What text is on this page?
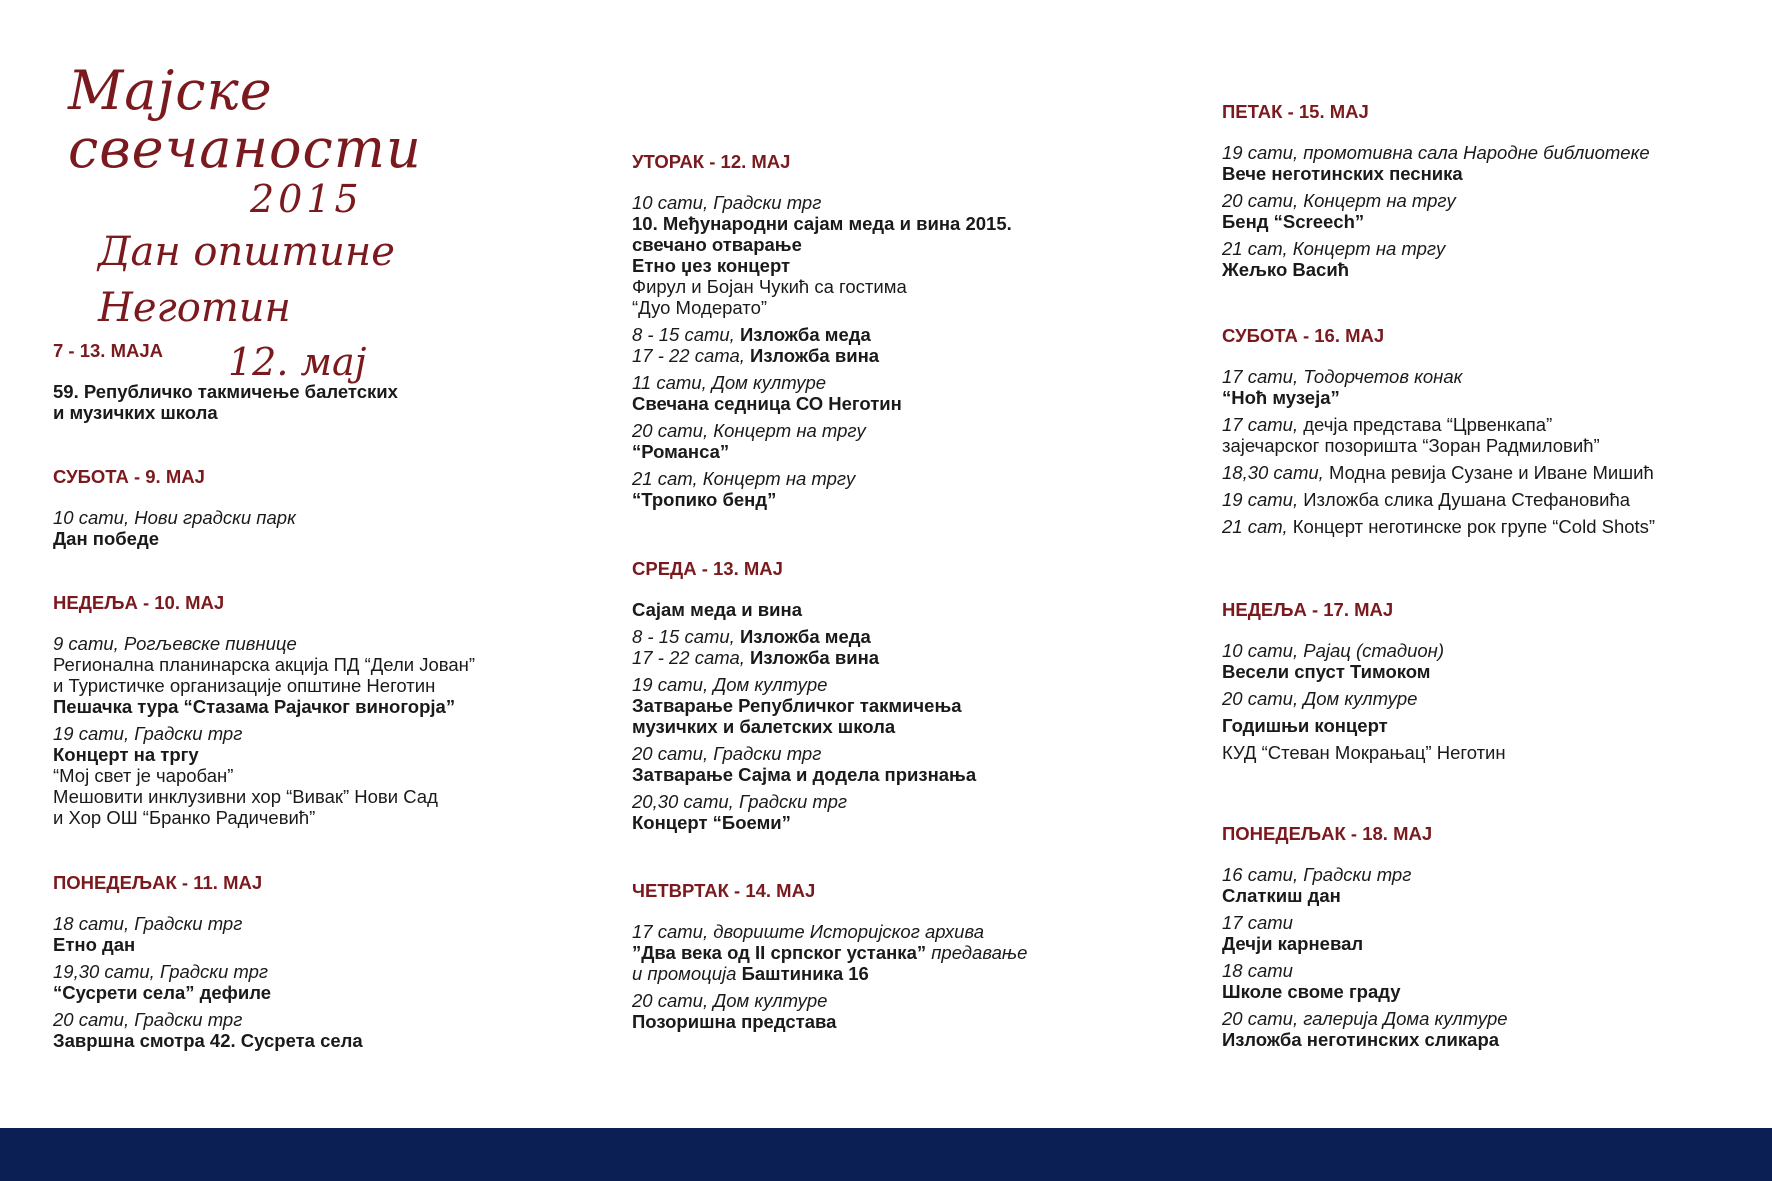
Мајске свечаности
2015
Дан општине Неготин
12. мај
7 - 13. МАЈА
59. Републичко такмичење балетских
и музичких школа
СУБОТА - 9. МАЈ
10 сати, Нови градски парк
Дан победе
НЕДЕЉА - 10. МАЈ
9 сати, Рогљевске пивнице
Регионална планинарска акција ПД “Дели Јован”
и Туристичке организације општине Неготин
Пешачка тура “Стазама Рајачког виногорја”
19 сати, Градски трг
Концерт на тргу
“Мој свет је чаробан”
Мешовити инклузивни хор “Вивак” Нови Сад
и Хор ОШ “Бранко Радичевић”
ПОНЕДЕЉАК - 11. МАЈ
18 сати, Градски трг
Етно дан
19,30 сати, Градски трг
“Сусрети села” дефиле
20 сати, Градски трг
Завршна смотра 42. Сусрета села
УТОРАК - 12. МАЈ
10 сати, Градски трг
10. Међународни сајам меда и вина 2015.
свечано отварање
Етно џез концерт
Фирул и Бојан Чукић са гостима
“Дуо Модерато”
8 - 15 сати, Изложба меда
17 - 22 сата, Изложба вина
11 сати, Дом културе
Свечана седница СО Неготин
20 сати, Концерт на тргу
“Романса”
21 сат, Концерт на тргу
“Тропико бенд”
СРЕДА - 13. МАЈ
Сајам меда и вина
8 - 15 сати, Изложба меда
17 - 22 сата, Изложба вина
19 сати, Дом културе
Затварање Републичког такмичења
музичких и балетских школа
20 сати, Градски трг
Затварање Сајма и додела признања
20,30 сати, Градски трг
Концерт “Боеми”
ЧЕТВРТАК - 14. МАЈ
17 сати, двориште Историјског архива
”Два века од II српског устанка” предавање
и промоција Баштиника 16
20 сати, Дом културе
Позоришна представа
ПЕТАК - 15. МАЈ
19 сати, промотивна сала Народне библиотеке
Вече неготинских песника
20 сати, Концерт на тргу
Бенд “Screech”
21 сат, Концерт на тргу
Жељко Васић
СУБОТА - 16. МАЈ
17 сати, Тодорчетов конак
“Ноћ музеја”
17 сати, дечја представа “Црвенкапа”
зајечарског позоришта “Зоран Радмиловић”
18,30 сати, Модна ревија Сузане и Иване Мишић
19 сати, Изложба слика Душана Стефановића
21 сат, Концерт неготинске рок групе “Cold Shots”
НЕДЕЉА - 17. МАЈ
10 сати, Рајац (стадион)
Весели спуст Тимоком
20 сати, Дом културе
Годишњи концерт
КУД “Стеван Мокрањац” Неготин
ПОНЕДЕЉАК - 18. МАЈ
16 сати, Градски трг
Слаткиш дан
17 сати
Дечји карневал
18 сати
Школе своме граду
20 сати, галерија Дома културе
Изложба неготинских сликара
